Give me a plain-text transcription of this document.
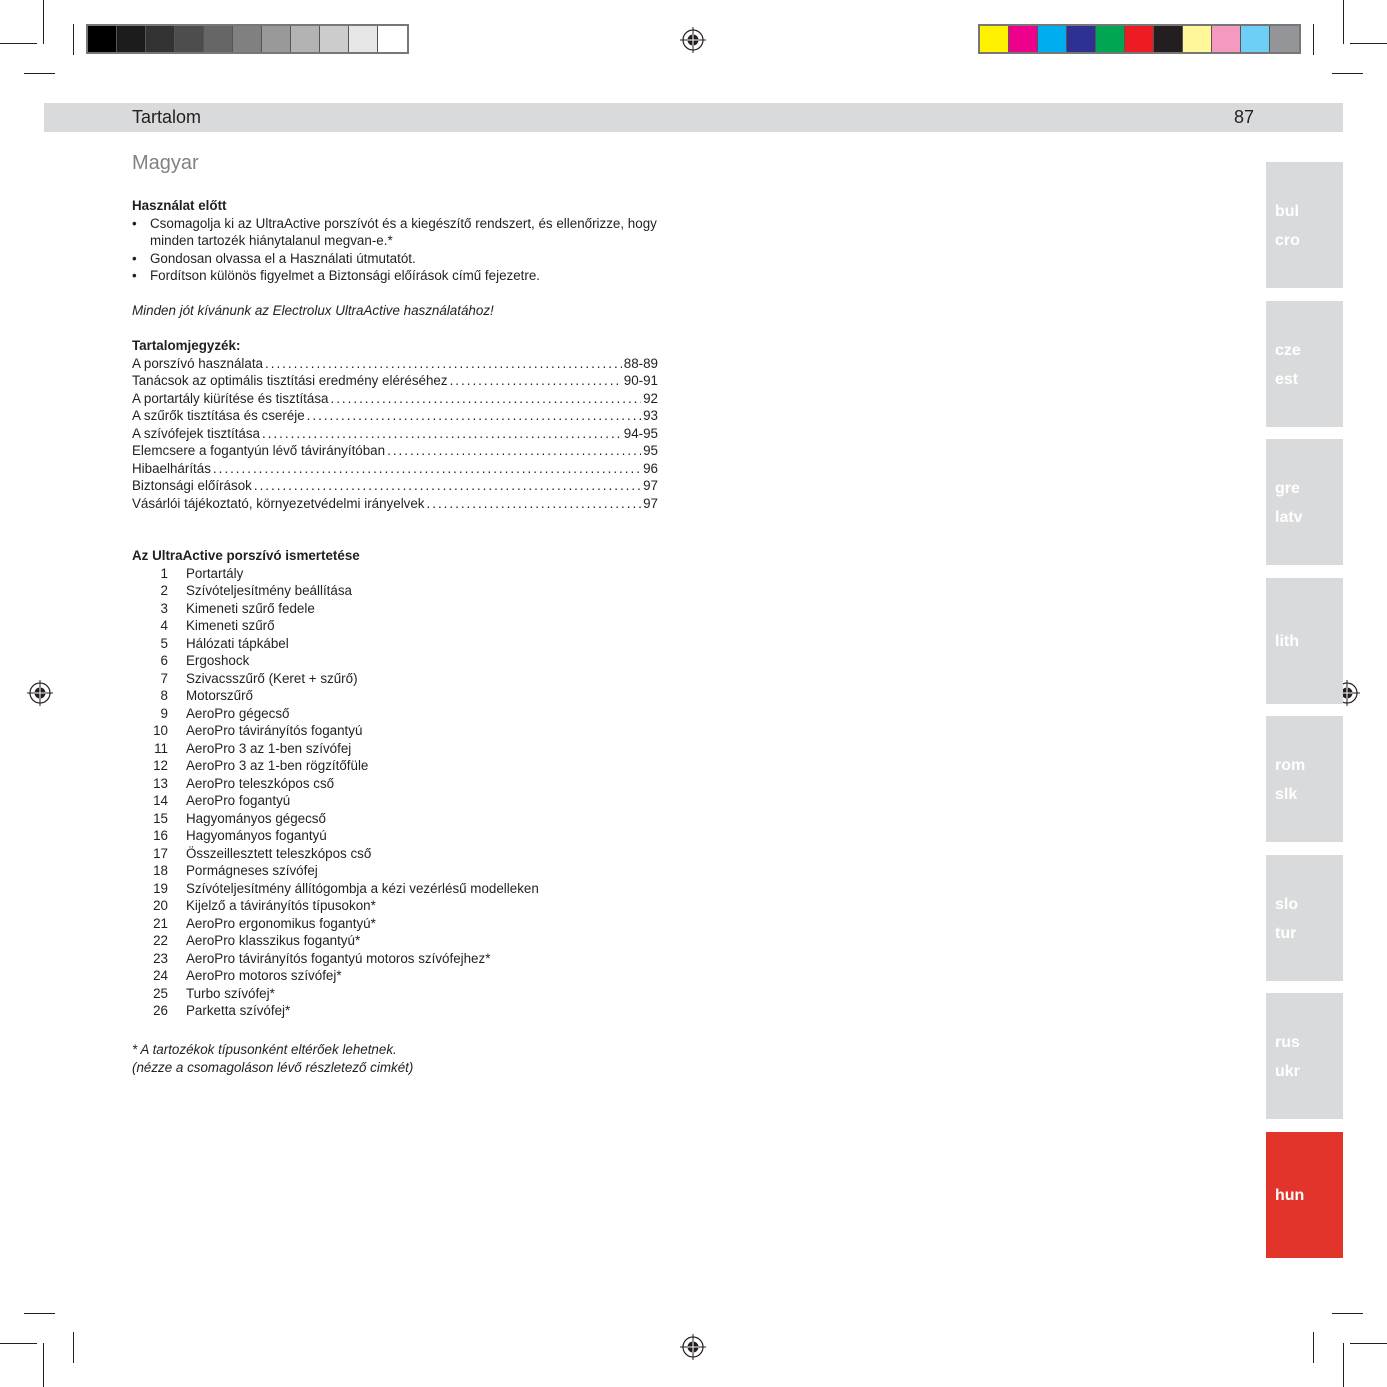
Tartalom	87
Magyar

Használat előtt

• Csomagolja ki az UltraActive porszívót és a kiegészítő rendszert, és ellenőrizze, hogy minden tartozék hiánytalanul megvan-e.*
• Gondosan olvassa el a Használati útmutatót.
• Fordítson különös figyelmet a Biztonsági előírások című fejezetre.

Minden jót kívánunk az Electrolux UltraActive használatához!

Tartalomjegyzék:

A porszívó használata .....	88-89
Tanácsok az optimális tisztítási eredmény eléréséhez .....	90-91
A portartály kiürítése és tisztítása .....	92
A szűrők tisztítása és cseréje .....	93
A szívófejek tisztítása .....	94-95
Elemcsere a fogantyún lévő távirányítóban .....	95
Hibaelhárítás .....	96
Biztonsági előírások .....	97
Vásárlói tájékoztató, környezetvédelmi irányelvek .....	97

Az UltraActive porszívó ismertetése

1 Portartály
2 Szívóteljesítmény beállítása
3 Kimeneti szűrő fedele
4 Kimeneti szűrő
5 Hálózati tápkábel
6 Ergoshock
7 Szivacsszűrő (Keret + szűrő)
8 Motorszűrő
9 AeroPro gégecső
10 AeroPro távirányítós fogantyú
11 AeroPro 3 az 1-ben szívófej
12 AeroPro 3 az 1-ben rögzítőfüle
13 AeroPro teleszkópos cső
14 AeroPro fogantyú
15 Hagyományos gégecső
16 Hagyományos fogantyú
17 Összeillesztett teleszkópos cső
18 Pormágneses szívófej
19 Szívóteljesítmény állítógombja a kézi vezérlésű modelleken
20 Kijelző a távirányítós típusokon*
21 AeroPro ergonomikus fogantyú*
22 AeroPro klasszikus fogantyú*
23 AeroPro távirányítós fogantyú motoros szívófejhez*
24 AeroPro motoros szívófej*
25 Turbo szívófej*
26 Parketta szívófej*
* A tartozékok típusonként eltérőek lehetnek.
(nézze a csomagoláson lévő részletező cimkét)
bul
cro
cze
est
gre
latv
lith
rom
slk
slo
tur
rus
ukr
hun
